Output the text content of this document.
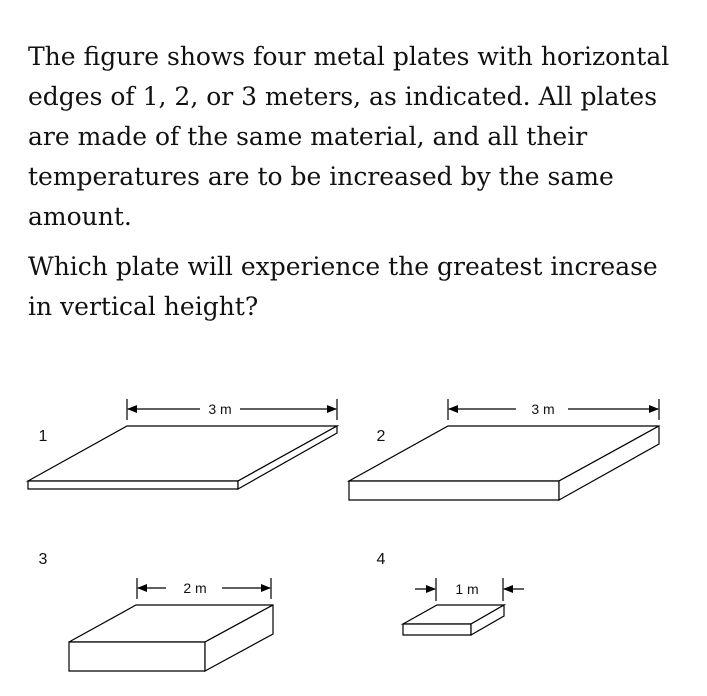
The figure shows four metal plates with horizontal edges of 1, 2, or 3 meters, as indicated. All plates are made of the same material, and all their temperatures are to be increased by the same amount.

Which plate will experience the greatest increase in vertical height?

3 m
1
3 m
2
2 m
3
1 m
4
